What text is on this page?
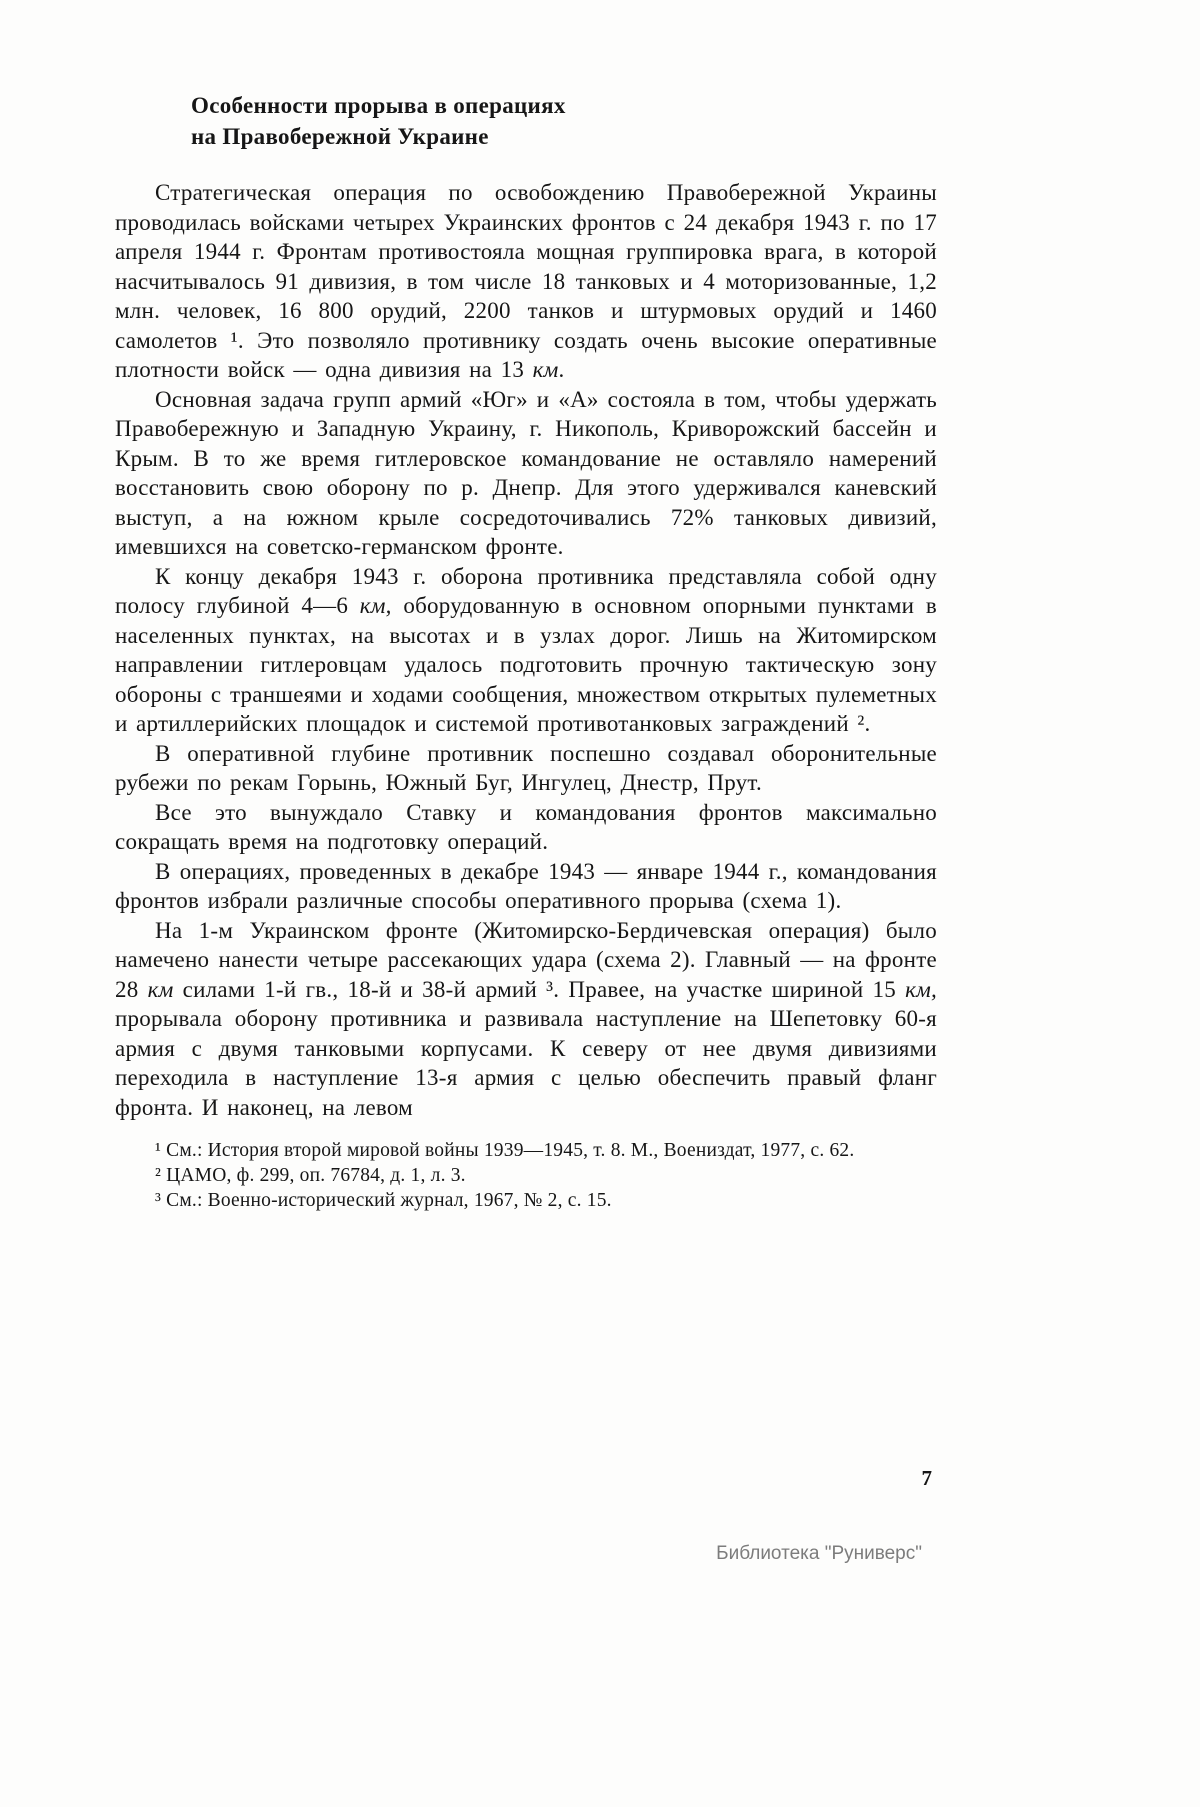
Особенности прорыва в операциях
на Правобережной Украине

Стратегическая операция по освобождению Правобережной Украины проводилась войсками четырех Украинских фронтов с 24 декабря 1943 г. по 17 апреля 1944 г. Фронтам противостояла мощная группировка врага, в которой насчитывалось 91 дивизия, в том числе 18 танковых и 4 моторизованные, 1,2 млн. человек, 16 800 орудий, 2200 танков и штурмовых орудий и 1460 самолетов ¹. Это позволяло противнику создать очень высокие оперативные плотности войск — одна дивизия на 13 км.

Основная задача групп армий «Юг» и «А» состояла в том, чтобы удержать Правобережную и Западную Украину, г. Никополь, Криворожский бассейн и Крым. В то же время гитлеровское командование не оставляло намерений восстановить свою оборону по р. Днепр. Для этого удерживался каневский выступ, а на южном крыле сосредоточивались 72% танковых дивизий, имевшихся на советско-германском фронте.

К концу декабря 1943 г. оборона противника представляла собой одну полосу глубиной 4—6 км, оборудованную в основном опорными пунктами в населенных пунктах, на высотах и в узлах дорог. Лишь на Житомирском направлении гитлеровцам удалось подготовить прочную тактическую зону обороны с траншеями и ходами сообщения, множеством открытых пулеметных и артиллерийских площадок и системой противотанковых заграждений ².

В оперативной глубине противник поспешно создавал оборонительные рубежи по рекам Горынь, Южный Буг, Ингулец, Днестр, Прут.

Все это вынуждало Ставку и командования фронтов максимально сокращать время на подготовку операций.

В операциях, проведенных в декабре 1943 — январе 1944 г., командования фронтов избрали различные способы оперативного прорыва (схема 1).

На 1-м Украинском фронте (Житомирско-Бердичевская операция) было намечено нанести четыре рассекающих удара (схема 2). Главный — на фронте 28 км силами 1-й гв., 18-й и 38-й армий ³. Правее, на участке шириной 15 км, прорывала оборону противника и развивала наступление на Шепетовку 60-я армия с двумя танковыми корпусами. К северу от нее двумя дивизиями переходила в наступление 13-я армия с целью обеспечить правый фланг фронта. И наконец, на левом

¹ См.: История второй мировой войны 1939—1945, т. 8. М., Воениздат, 1977, с. 62.

² ЦАМО, ф. 299, оп. 76784, д. 1, л. 3.

³ См.: Военно-исторический журнал, 1967, № 2, с. 15.

7
Библиотека "Руниверс"
